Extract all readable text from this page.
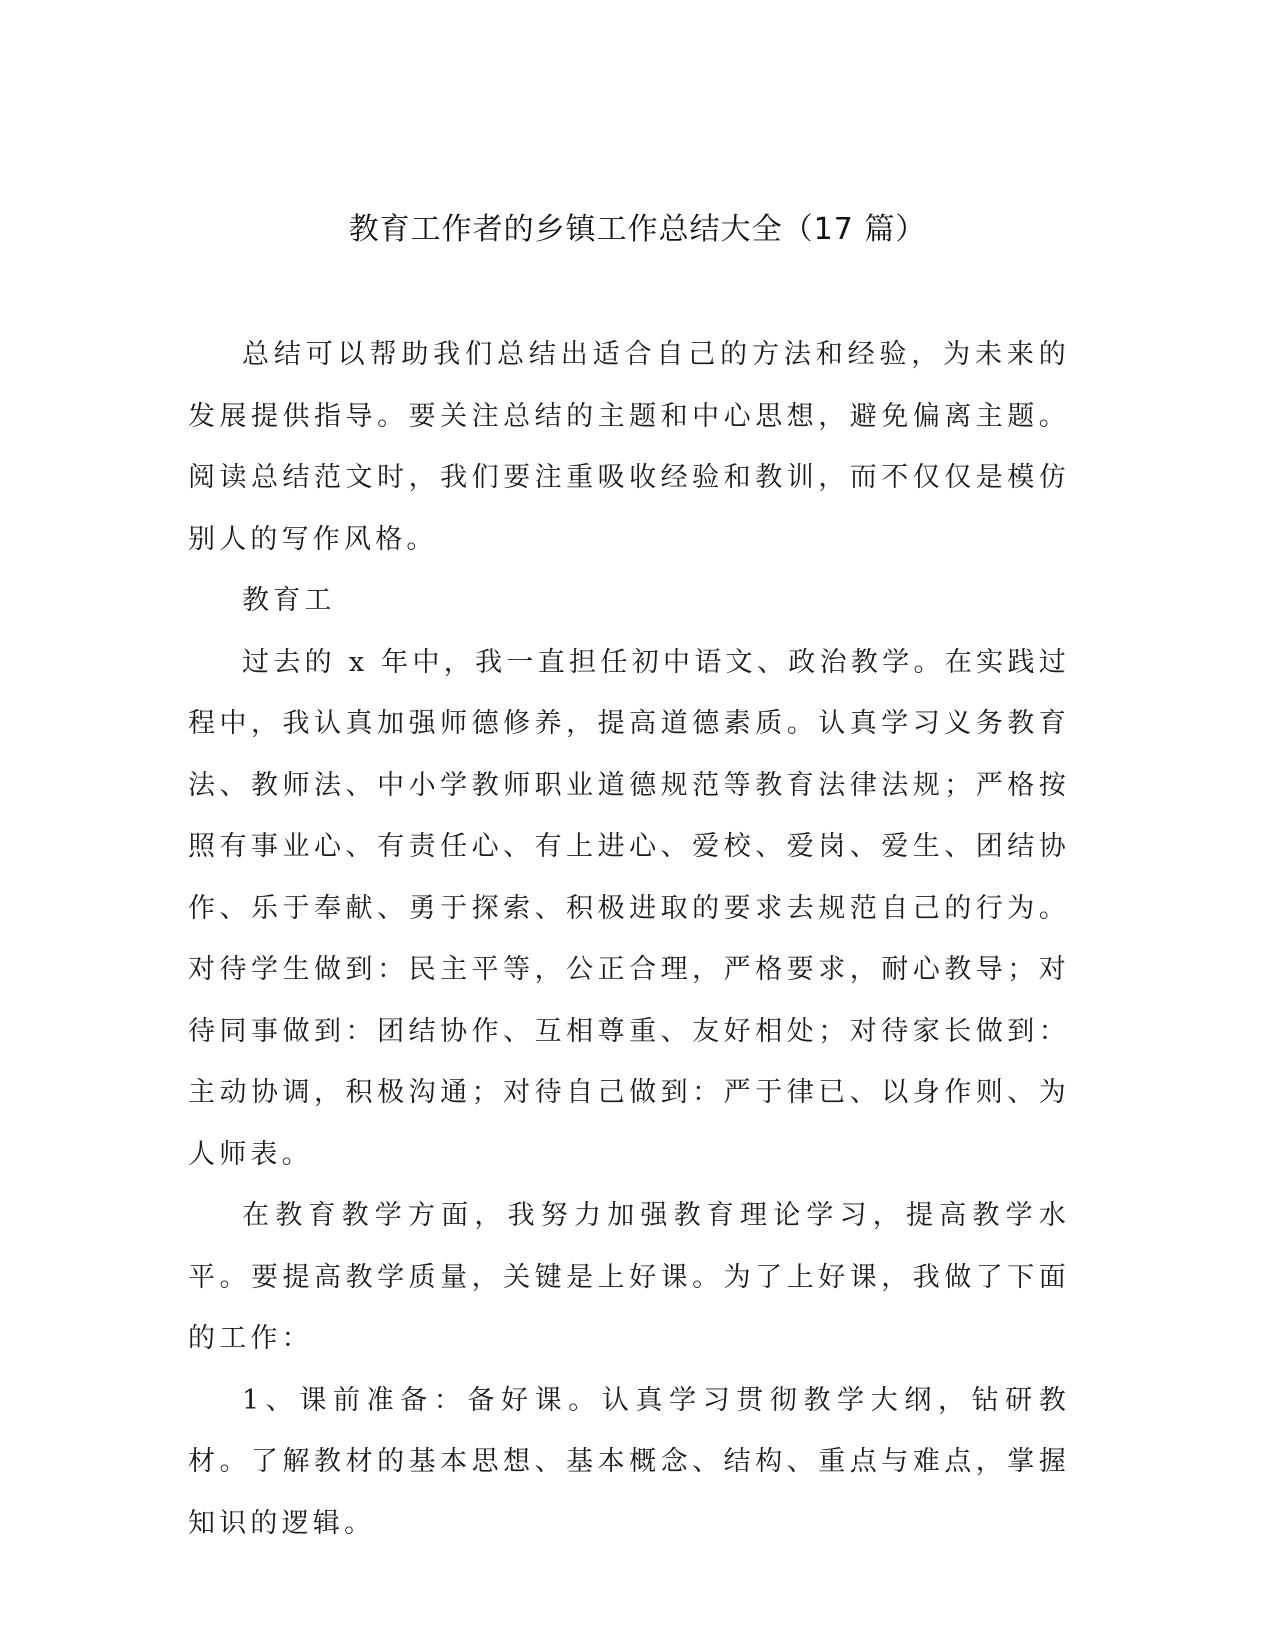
教育工作者的乡镇工作总结大全（17 篇）

总结可以帮助我们总结出适合自己的方法和经验，为未来的发展提供指导。要关注总结的主题和中心思想，避免偏离主题。阅读总结范文时，我们要注重吸收经验和教训，而不仅仅是模仿别人的写作风格。

教育工

过去的 x 年中，我一直担任初中语文、政治教学。在实践过程中，我认真加强师德修养，提高道德素质。认真学习义务教育法、教师法、中小学教师职业道德规范等教育法律法规；严格按照有事业心、有责任心、有上进心、爱校、爱岗、爱生、团结协作、乐于奉献、勇于探索、积极进取的要求去规范自己的行为。对待学生做到：民主平等，公正合理，严格要求，耐心教导；对待同事做到：团结协作、互相尊重、友好相处；对待家长做到：主动协调，积极沟通；对待自己做到：严于律已、以身作则、为人师表。

在教育教学方面，我努力加强教育理论学习，提高教学水平。要提高教学质量，关键是上好课。为了上好课，我做了下面的工作：

1、课前准备：备好课。认真学习贯彻教学大纲，钻研教材。了解教材的基本思想、基本概念、结构、重点与难点，掌握知识的逻辑。
